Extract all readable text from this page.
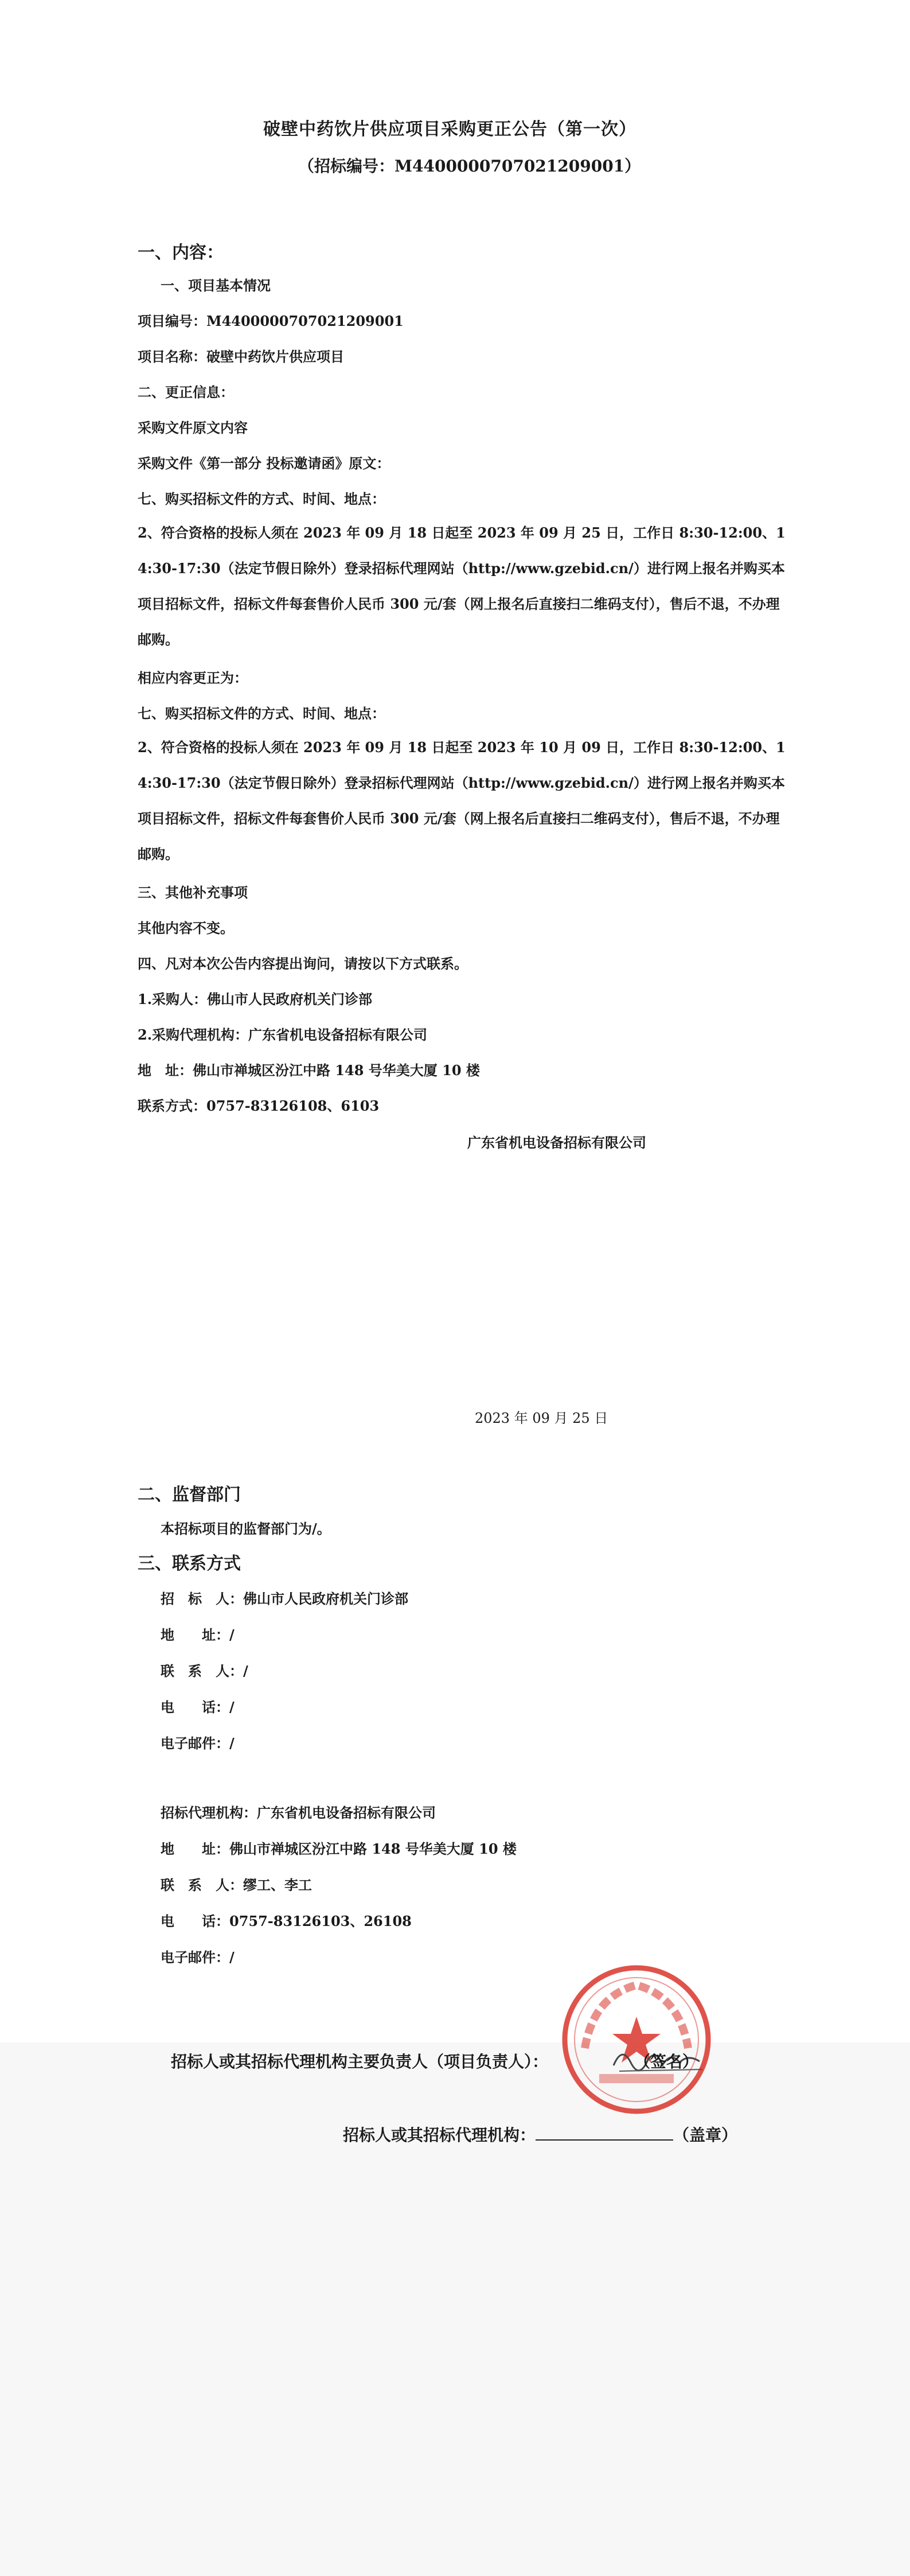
破壁中药饮片供应项目采购更正公告（第一次）
（招标编号：M4400000707021209001）
一、内容：
一、项目基本情况
项目编号：M4400000707021209001
项目名称：破壁中药饮片供应项目
二、更正信息：
采购文件原文内容
采购文件《第一部分 投标邀请函》原文：
七、购买招标文件的方式、时间、地点：
2、符合资格的投标人须在 2023 年 09 月 18 日起至 2023 年 09 月 25 日，工作日 8:30-12:00、14:30-17:30（法定节假日除外）登录招标代理网站（http://www.gzebid.cn/）进行网上报名并购买本项目招标文件，招标文件每套售价人民币 300 元/套（网上报名后直接扫二维码支付），售后不退，不办理邮购。
相应内容更正为：
七、购买招标文件的方式、时间、地点：
2、符合资格的投标人须在 2023 年 09 月 18 日起至 2023 年 10 月 09 日，工作日 8:30-12:00、14:30-17:30（法定节假日除外）登录招标代理网站（http://www.gzebid.cn/）进行网上报名并购买本项目招标文件，招标文件每套售价人民币 300 元/套（网上报名后直接扫二维码支付），售后不退，不办理邮购。
三、其他补充事项
其他内容不变。
四、凡对本次公告内容提出询问，请按以下方式联系。
1.采购人：佛山市人民政府机关门诊部
2.采购代理机构：广东省机电设备招标有限公司
地　址：佛山市禅城区汾江中路 148 号华美大厦 10 楼
联系方式：0757-83126108、6103
广东省机电设备招标有限公司
2023 年 09 月 25 日
二、监督部门
本招标项目的监督部门为/。
三、联系方式
招　标　人：佛山市人民政府机关门诊部
地　　址：/
联　系　人：/
电　　话：/
电子邮件：/
招标代理机构：广东省机电设备招标有限公司
地　　址：佛山市禅城区汾江中路 148 号华美大厦 10 楼
联　系　人：缪工、李工
电　　话：0757-83126103、26108
电子邮件：/
招标人或其招标代理机构主要负责人（项目负责人）：	（签名）
招标人或其招标代理机构：	（盖章）
